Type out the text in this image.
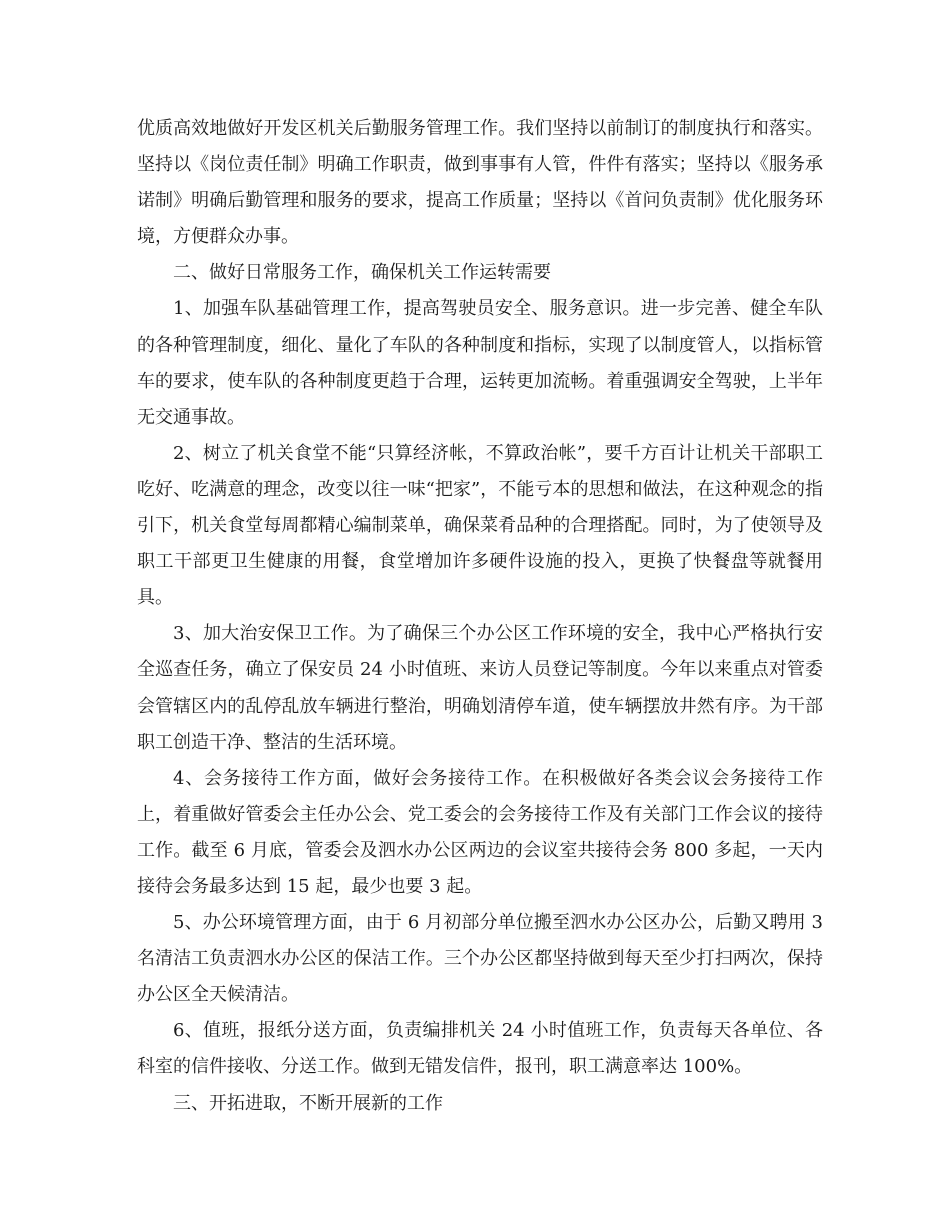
优质高效地做好开发区机关后勤服务管理工作。我们坚持以前制订的制度执行和落实。坚持以《岗位责任制》明确工作职责，做到事事有人管，件件有落实；坚持以《服务承诺制》明确后勤管理和服务的要求，提高工作质量；坚持以《首问负责制》优化服务环境，方便群众办事。

二、做好日常服务工作，确保机关工作运转需要

1、加强车队基础管理工作，提高驾驶员安全、服务意识。进一步完善、健全车队的各种管理制度，细化、量化了车队的各种制度和指标，实现了以制度管人，以指标管车的要求，使车队的各种制度更趋于合理，运转更加流畅。着重强调安全驾驶，上半年无交通事故。

2、树立了机关食堂不能“只算经济帐，不算政治帐”，要千方百计让机关干部职工吃好、吃满意的理念，改变以往一味“把家”，不能亏本的思想和做法，在这种观念的指引下，机关食堂每周都精心编制菜单，确保菜肴品种的合理搭配。同时，为了使领导及职工干部更卫生健康的用餐，食堂增加许多硬件设施的投入，更换了快餐盘等就餐用具。

3、加大治安保卫工作。为了确保三个办公区工作环境的安全，我中心严格执行安全巡查任务，确立了保安员 24 小时值班、来访人员登记等制度。今年以来重点对管委会管辖区内的乱停乱放车辆进行整治，明确划清停车道，使车辆摆放井然有序。为干部职工创造干净、整洁的生活环境。

4、会务接待工作方面，做好会务接待工作。在积极做好各类会议会务接待工作上，着重做好管委会主任办公会、党工委会的会务接待工作及有关部门工作会议的接待工作。截至 6 月底，管委会及泗水办公区两边的会议室共接待会务 800 多起，一天内接待会务最多达到 15 起，最少也要 3 起。

5、办公环境管理方面，由于 6 月初部分单位搬至泗水办公区办公，后勤又聘用 3 名清洁工负责泗水办公区的保洁工作。三个办公区都坚持做到每天至少打扫两次，保持办公区全天候清洁。

6、值班，报纸分送方面，负责编排机关 24 小时值班工作，负责每天各单位、各科室的信件接收、分送工作。做到无错发信件，报刊，职工满意率达 100%。

三、开拓进取，不断开展新的工作
